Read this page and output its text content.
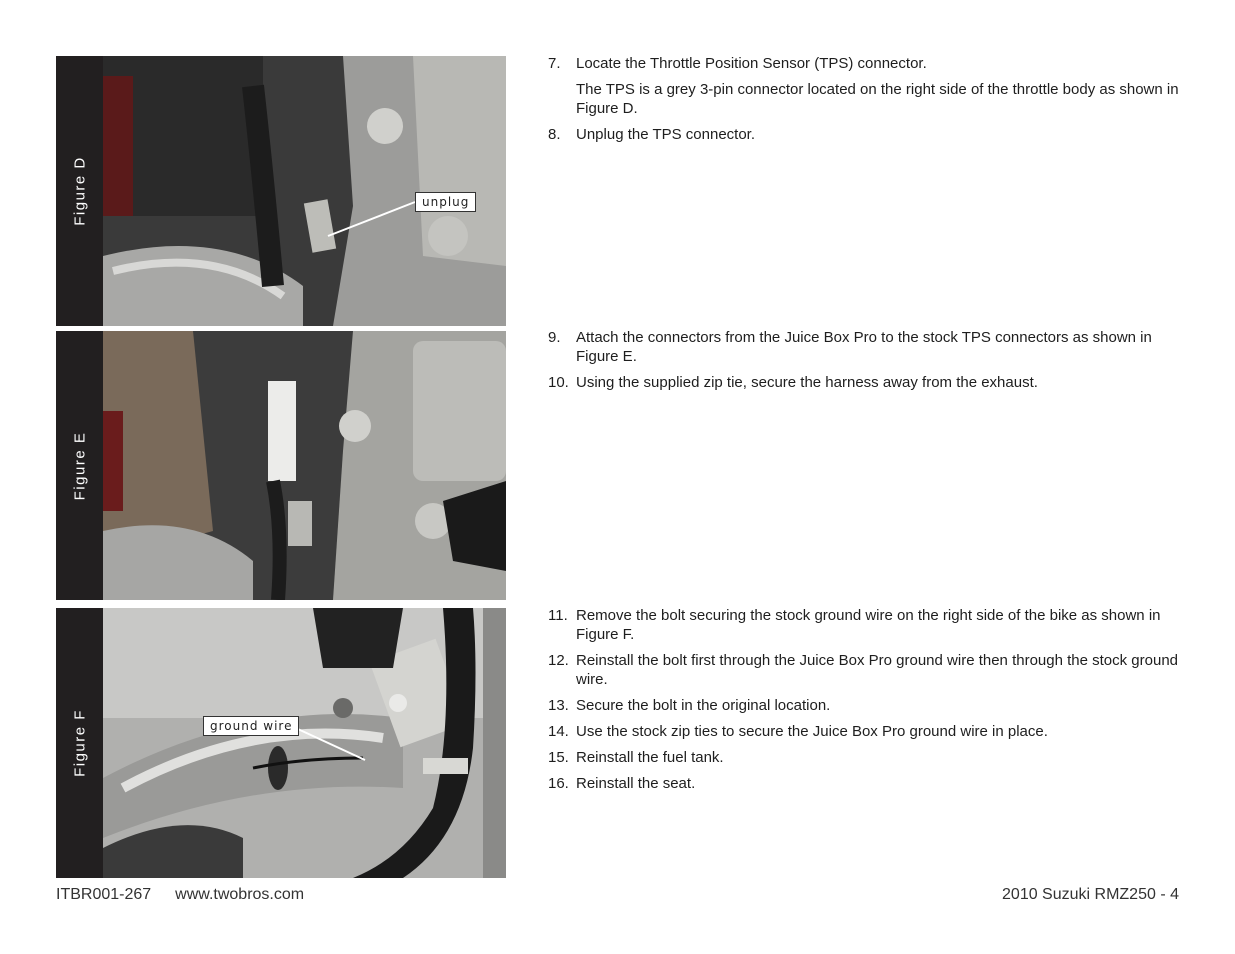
Figure D	unplug
Figure E
Figure F	ground wire
7. Locate the Throttle Position Sensor (TPS) connector.
The TPS is a grey 3-pin connector located on the right side of the throttle body as shown in Figure D.
8. Unplug the TPS connector.
9. Attach the connectors from the Juice Box Pro to the stock TPS connectors as shown in Figure E.
10. Using the supplied zip tie, secure the harness away from the exhaust.
11. Remove the bolt securing the stock ground wire on the right side of the bike as shown in Figure F.
12. Reinstall the bolt first through the Juice Box Pro ground wire then through the stock ground wire.
13. Secure the bolt in the original location.
14. Use the stock zip ties to secure the Juice Box Pro ground wire in place.
15. Reinstall the fuel tank.
16. Reinstall the seat.
ITBR001-267 www.twobros.com	2010 Suzuki RMZ250 - 4
